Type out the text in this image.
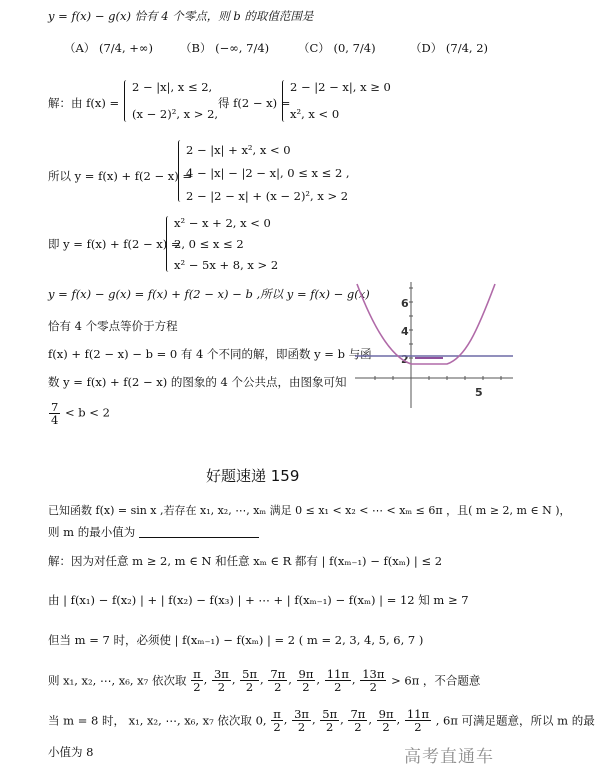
y = f(x) − g(x) 恰有 4 个零点，则 b 的取值范围是
（A） (7/4, +∞) （B） (−∞, 7/4)	（C） (0, 7/4)	（D） (7/4, 2)
解：由 f(x) =
2 − |x|, x ≤ 2,
(x − 2)², x > 2,
得 f(2 − x) =
2 − |2 − x|, x ≥ 0
x², x < 0
所以 y = f(x) + f(2 − x) =
2 − |x| + x², x < 0
4 − |x| − |2 − x|, 0 ≤ x ≤ 2 ,
2 − |2 − x| + (x − 2)², x > 2
即 y = f(x) + f(2 − x) =
x² − x + 2, x < 0
2, 0 ≤ x ≤ 2
x² − 5x + 8, x > 2
y = f(x) − g(x) = f(x) + f(2 − x) − b ,所以 y = f(x) − g(x)
恰有 4 个零点等价于方程
f(x) + f(2 − x) − b = 0 有 4 个不同的解，即函数 y = b 与函
数 y = f(x) + f(2 − x) 的图象的 4 个公共点，由图象可知
$\frac{7}{4} < b < 2$
2
4
6
5
好题速递 159
已知函数 f(x) = sin x ,若存在 x₁, x₂, ⋯, xₘ 满足 0 ≤ x₁ < x₂ < ⋯ < xₘ ≤ 6π ，且( m ≥ 2, m ∈ N )，
则 m 的最小值为
解：因为对任意 m ≥ 2, m ∈ N 和任意 xₘ ∈ R 都有 | f(xₘ₋₁) − f(xₘ) | ≤ 2
由 | f(x₁) − f(x₂) | + | f(x₂) − f(x₃) | + ⋯ + | f(xₘ₋₁) − f(xₘ) | = 12 知 m ≥ 7
但当 m = 7 时，必须使 | f(xₘ₋₁) − f(xₘ) | = 2 ( m = 2, 3, 4, 5, 6, 7 )
则 x₁, x₂, ⋯, x₆, x₇ 依次取 $\frac{\pi}{2}$ , $\frac{3\pi}{2}$ , $\frac{5\pi}{2}$ , $\frac{7\pi}{2}$ , $\frac{9\pi}{2}$ , $\frac{11\pi}{2}$ , $\frac{13\pi}{2} > 6\pi$ ，不合题意
当 m = 8 时， x₁, x₂, ⋯, x₆, x₇ 依次取 0, $\frac{\pi}{2}$ , $\frac{3\pi}{2}$ , $\frac{5\pi}{2}$ , $\frac{7\pi}{2}$ , $\frac{9\pi}{2}$ , $\frac{11\pi}{2}$ , 6π 可满足题意，所以 m 的最
小值为 8	高考直通车
